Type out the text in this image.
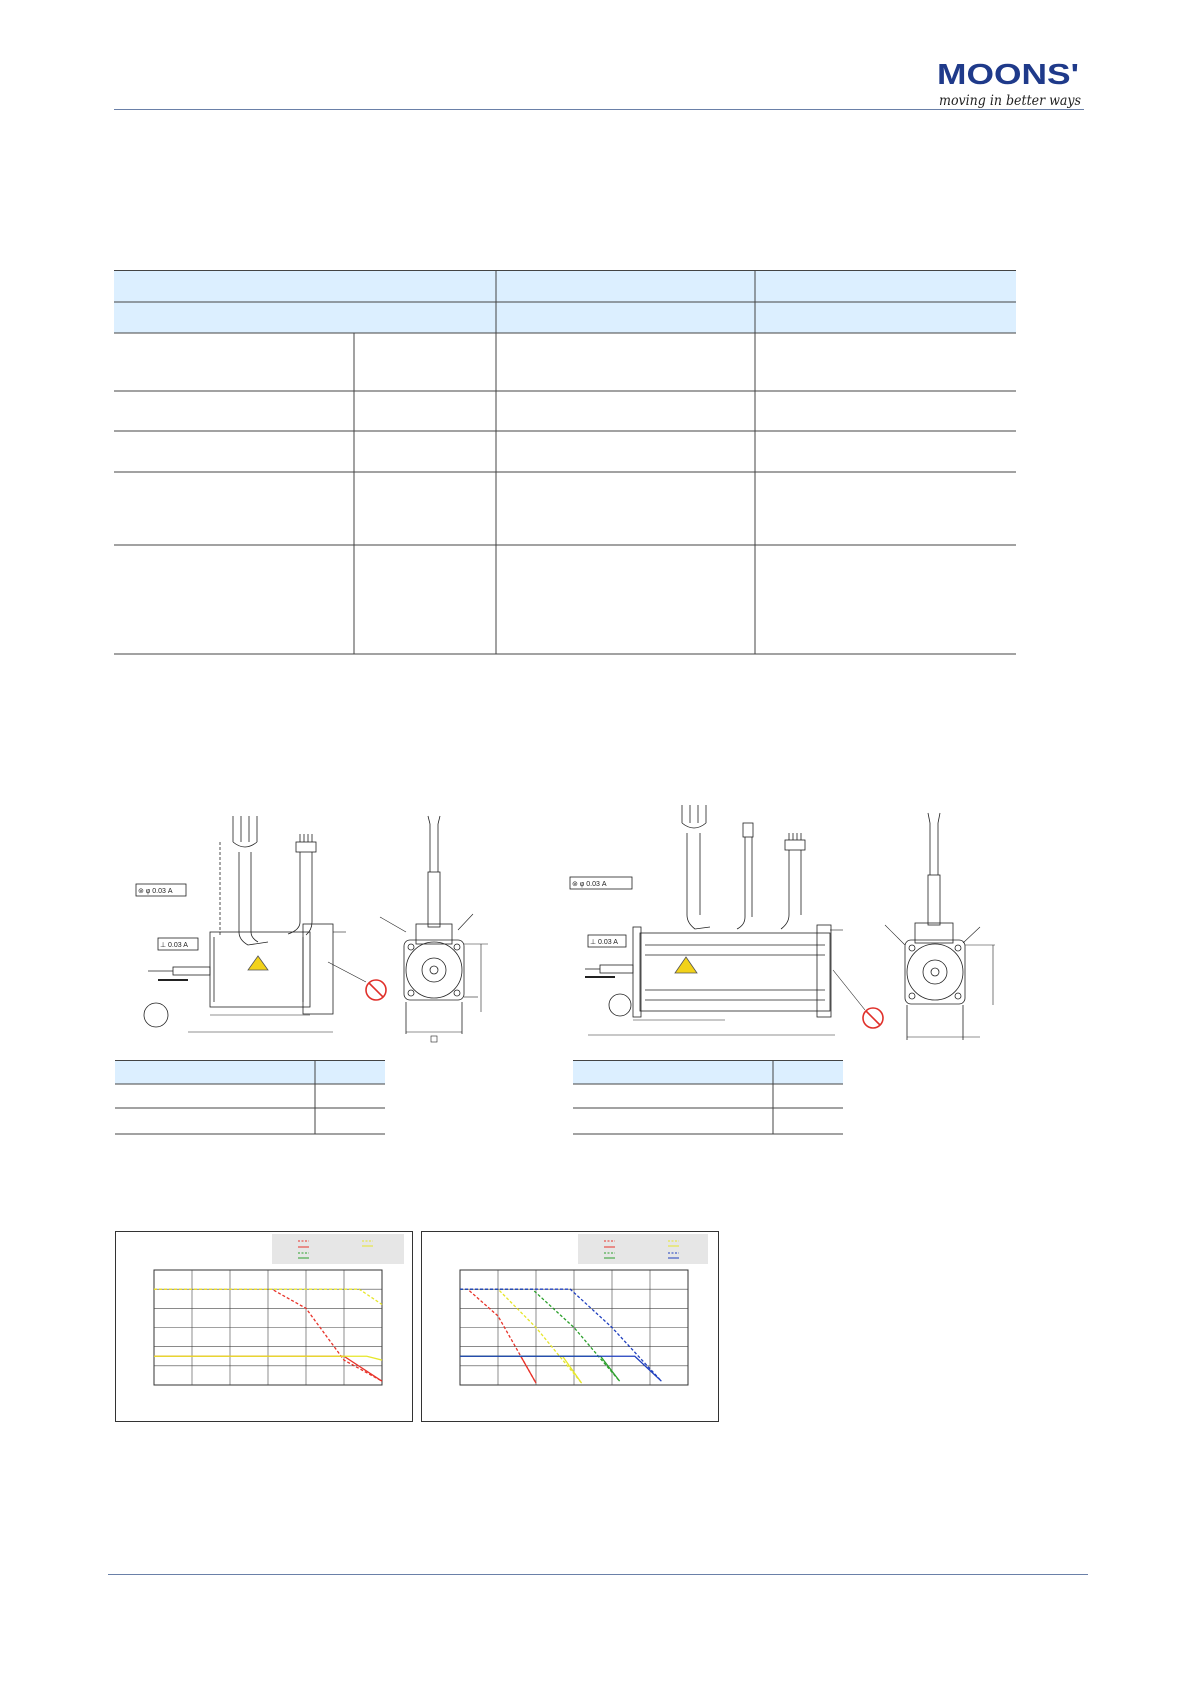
MOONS'
moving in better ways
⊚ φ 0.03 A
⊥ 0.03 A
⊚ φ 0.03 A
⊥ 0.03 A
